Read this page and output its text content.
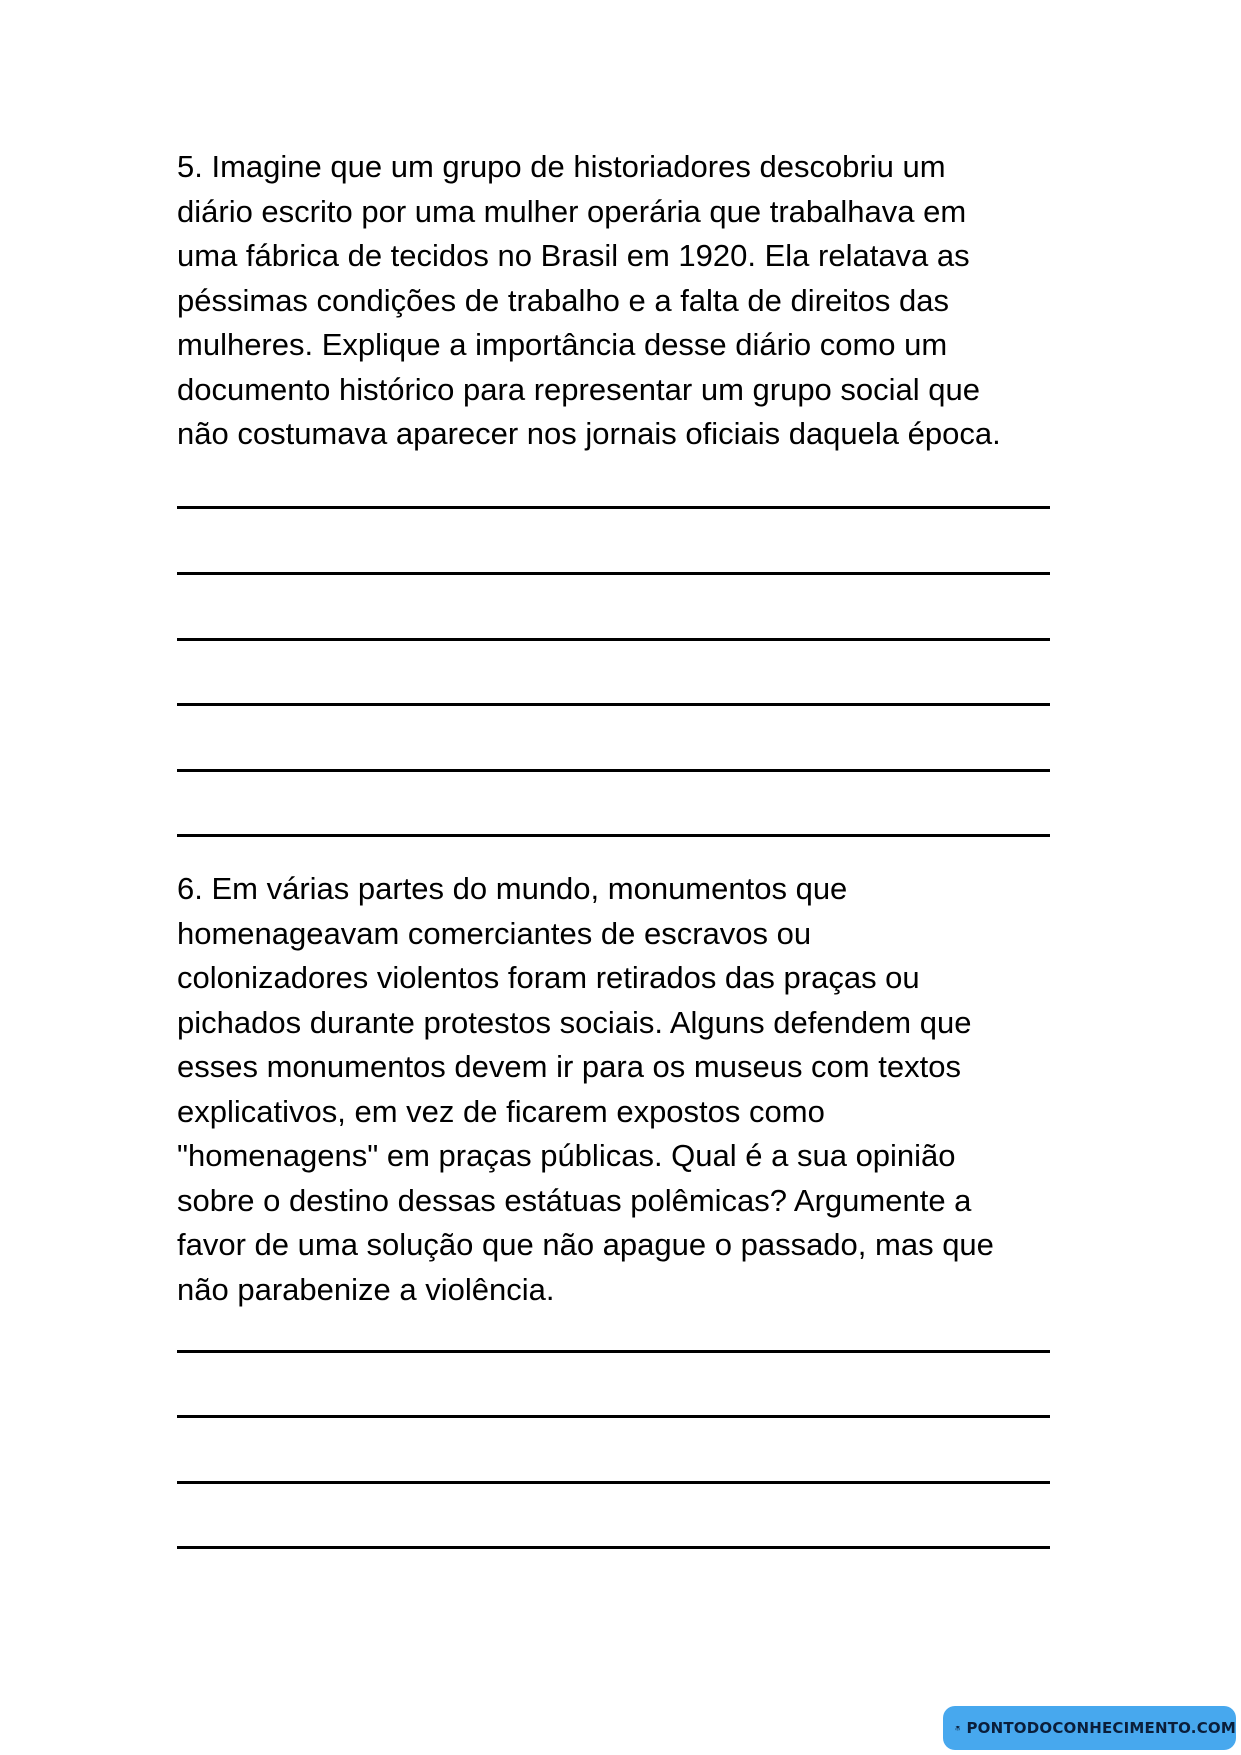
5. Imagine que um grupo de historiadores descobriu um
diário escrito por uma mulher operária que trabalhava em
uma fábrica de tecidos no Brasil em 1920. Ela relatava as
péssimas condições de trabalho e a falta de direitos das
mulheres. Explique a importância desse diário como um
documento histórico para representar um grupo social que
não costumava aparecer nos jornais oficiais daquela época.

6. Em várias partes do mundo, monumentos que
homenageavam comerciantes de escravos ou
colonizadores violentos foram retirados das praças ou
pichados durante protestos sociais. Alguns defendem que
esses monumentos devem ir para os museus com textos
explicativos, em vez de ficarem expostos como
"homenagens" em praças públicas. Qual é a sua opinião
sobre o destino dessas estátuas polêmicas? Argumente a
favor de uma solução que não apague o passado, mas que
não parabenize a violência.

PONTODOCONHECIMENTO.COM
